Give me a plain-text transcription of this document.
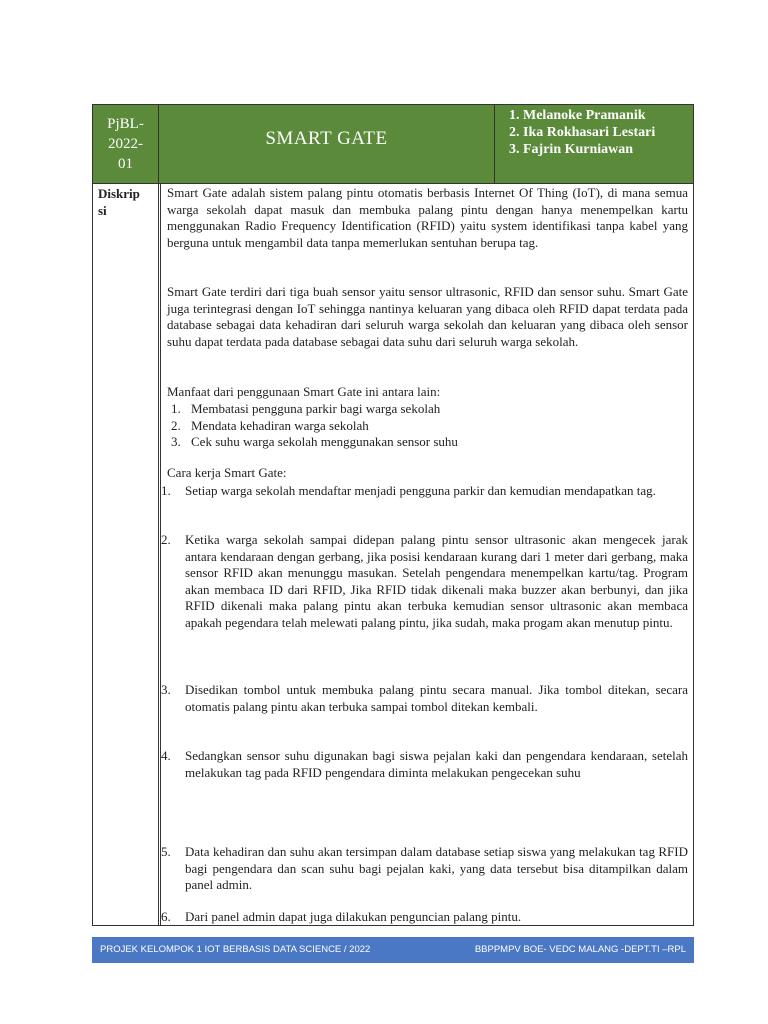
PjBL-
2022-
01
SMART GATE
1. Melanoke Pramanik
2. Ika Rokhasari Lestari
3. Fajrin Kurniawan
Diskrip
si
Smart Gate adalah sistem palang pintu otomatis berbasis Internet Of Thing (IoT), di mana semua warga sekolah dapat masuk dan membuka palang pintu dengan hanya menempelkan kartu menggunakan Radio Frequency Identification (RFID) yaitu system identifikasi tanpa kabel yang berguna untuk mengambil data tanpa memerlukan sentuhan berupa tag.
Smart Gate terdiri dari tiga buah sensor yaitu sensor ultrasonic, RFID dan sensor suhu. Smart Gate juga terintegrasi dengan IoT sehingga nantinya keluaran yang dibaca oleh RFID dapat terdata pada database sebagai data kehadiran dari seluruh warga sekolah dan keluaran yang dibaca oleh sensor suhu dapat terdata pada database sebagai data suhu dari seluruh warga sekolah.
Manfaat dari penggunaan Smart Gate ini antara lain:
1. Membatasi pengguna parkir bagi warga sekolah
2. Mendata kehadiran warga sekolah
3. Cek suhu warga sekolah menggunakan sensor suhu
Cara kerja Smart Gate:
1. Setiap warga sekolah mendaftar menjadi pengguna parkir dan kemudian mendapatkan tag.
2. Ketika warga sekolah sampai didepan palang pintu sensor ultrasonic akan mengecek jarak antara kendaraan dengan gerbang, jika posisi kendaraan kurang dari 1 meter dari gerbang, maka sensor RFID akan menunggu masukan. Setelah pengendara menempelkan kartu/tag. Program akan membaca ID dari RFID, Jika RFID tidak dikenali maka buzzer akan berbunyi, dan jika RFID dikenali maka palang pintu akan terbuka kemudian sensor ultrasonic akan membaca apakah pegendara telah melewati palang pintu, jika sudah, maka progam akan menutup pintu.
3. Disedikan tombol untuk membuka palang pintu secara manual. Jika tombol ditekan, secara otomatis palang pintu akan terbuka sampai tombol ditekan kembali.
4. Sedangkan sensor suhu digunakan bagi siswa pejalan kaki dan pengendara kendaraan, setelah melakukan tag pada RFID pengendara diminta melakukan pengecekan suhu
5. Data kehadiran dan suhu akan tersimpan dalam database setiap siswa yang melakukan tag RFID bagi pengendara dan scan suhu bagi pejalan kaki, yang data tersebut bisa ditampilkan dalam panel admin.
6. Dari panel admin dapat juga dilakukan penguncian palang pintu.
PROJEK KELOMPOK 1 IOT BERBASIS DATA SCIENCE / 2022	BBPPMPV BOE- VEDC MALANG -DEPT.TI –RPL
